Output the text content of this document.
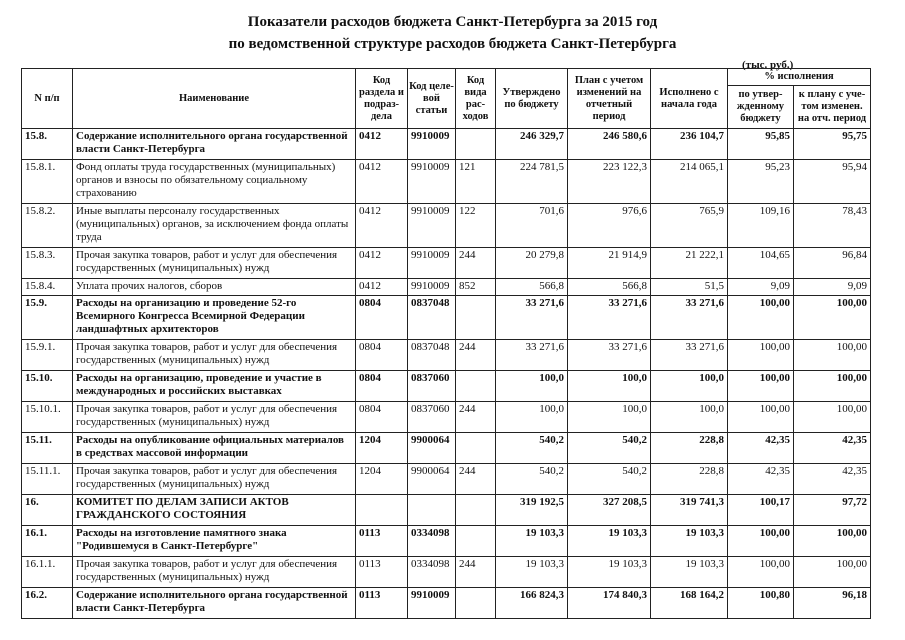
Показатели расходов бюджета Санкт-Петербурга за 2015 год
по ведомственной структуре расходов бюджета Санкт-Петербурга
(тыс. руб.)
N п/п	Наименование	Код раздела и подраз-дела	Код целе-вой статьи	Код вида рас-ходов	Утверждено по бюджету	План с учетом изменений на отчетный период	Исполнено с начала года	% исполнения	
								по утвер-жденному бюджету	к плану с уче-том изменен. на отч. период
15.8.	Содержание исполнительного органа государственной власти Санкт-Петербурга	0412	9910009		246 329,7	246 580,6	236 104,7	95,85	95,75
15.8.1.	Фонд оплаты труда государственных (муниципальных) органов и взносы по обязательному социальному страхованию	0412	9910009	121	224 781,5	223 122,3	214 065,1	95,23	95,94
15.8.2.	Иные выплаты персоналу государственных (муниципальных) органов, за исключением фонда оплаты труда	0412	9910009	122	701,6	976,6	765,9	109,16	78,43
15.8.3.	Прочая закупка товаров, работ и услуг для обеспечения государственных (муниципальных) нужд	0412	9910009	244	20 279,8	21 914,9	21 222,1	104,65	96,84
15.8.4.	Уплата прочих налогов, сборов	0412	9910009	852	566,8	566,8	51,5	9,09	9,09
15.9.	Расходы на организацию и проведение 52-го Всемирного Конгресса Всемирной Федерации ландшафтных архитекторов	0804	0837048		33 271,6	33 271,6	33 271,6	100,00	100,00
15.9.1.	Прочая закупка товаров, работ и услуг для обеспечения государственных (муниципальных) нужд	0804	0837048	244	33 271,6	33 271,6	33 271,6	100,00	100,00
15.10.	Расходы на организацию, проведение и участие в международных и российских выставках	0804	0837060		100,0	100,0	100,0	100,00	100,00
15.10.1.	Прочая закупка товаров, работ и услуг для обеспечения государственных (муниципальных) нужд	0804	0837060	244	100,0	100,0	100,0	100,00	100,00
15.11.	Расходы на опубликование официальных материалов в средствах массовой информации	1204	9900064		540,2	540,2	228,8	42,35	42,35
15.11.1.	Прочая закупка товаров, работ и услуг для обеспечения государственных (муниципальных) нужд	1204	9900064	244	540,2	540,2	228,8	42,35	42,35
16.	КОМИТЕТ ПО ДЕЛАМ ЗАПИСИ АКТОВ ГРАЖДАНСКОГО СОСТОЯНИЯ				319 192,5	327 208,5	319 741,3	100,17	97,72
16.1.	Расходы на изготовление памятного знака "Родившемуся в Санкт-Петербурге"	0113	0334098		19 103,3	19 103,3	19 103,3	100,00	100,00
16.1.1.	Прочая закупка товаров, работ и услуг для обеспечения государственных (муниципальных) нужд	0113	0334098	244	19 103,3	19 103,3	19 103,3	100,00	100,00
16.2.	Содержание исполнительного органа государственной власти Санкт-Петербурга	0113	9910009		166 824,3	174 840,3	168 164,2	100,80	96,18
